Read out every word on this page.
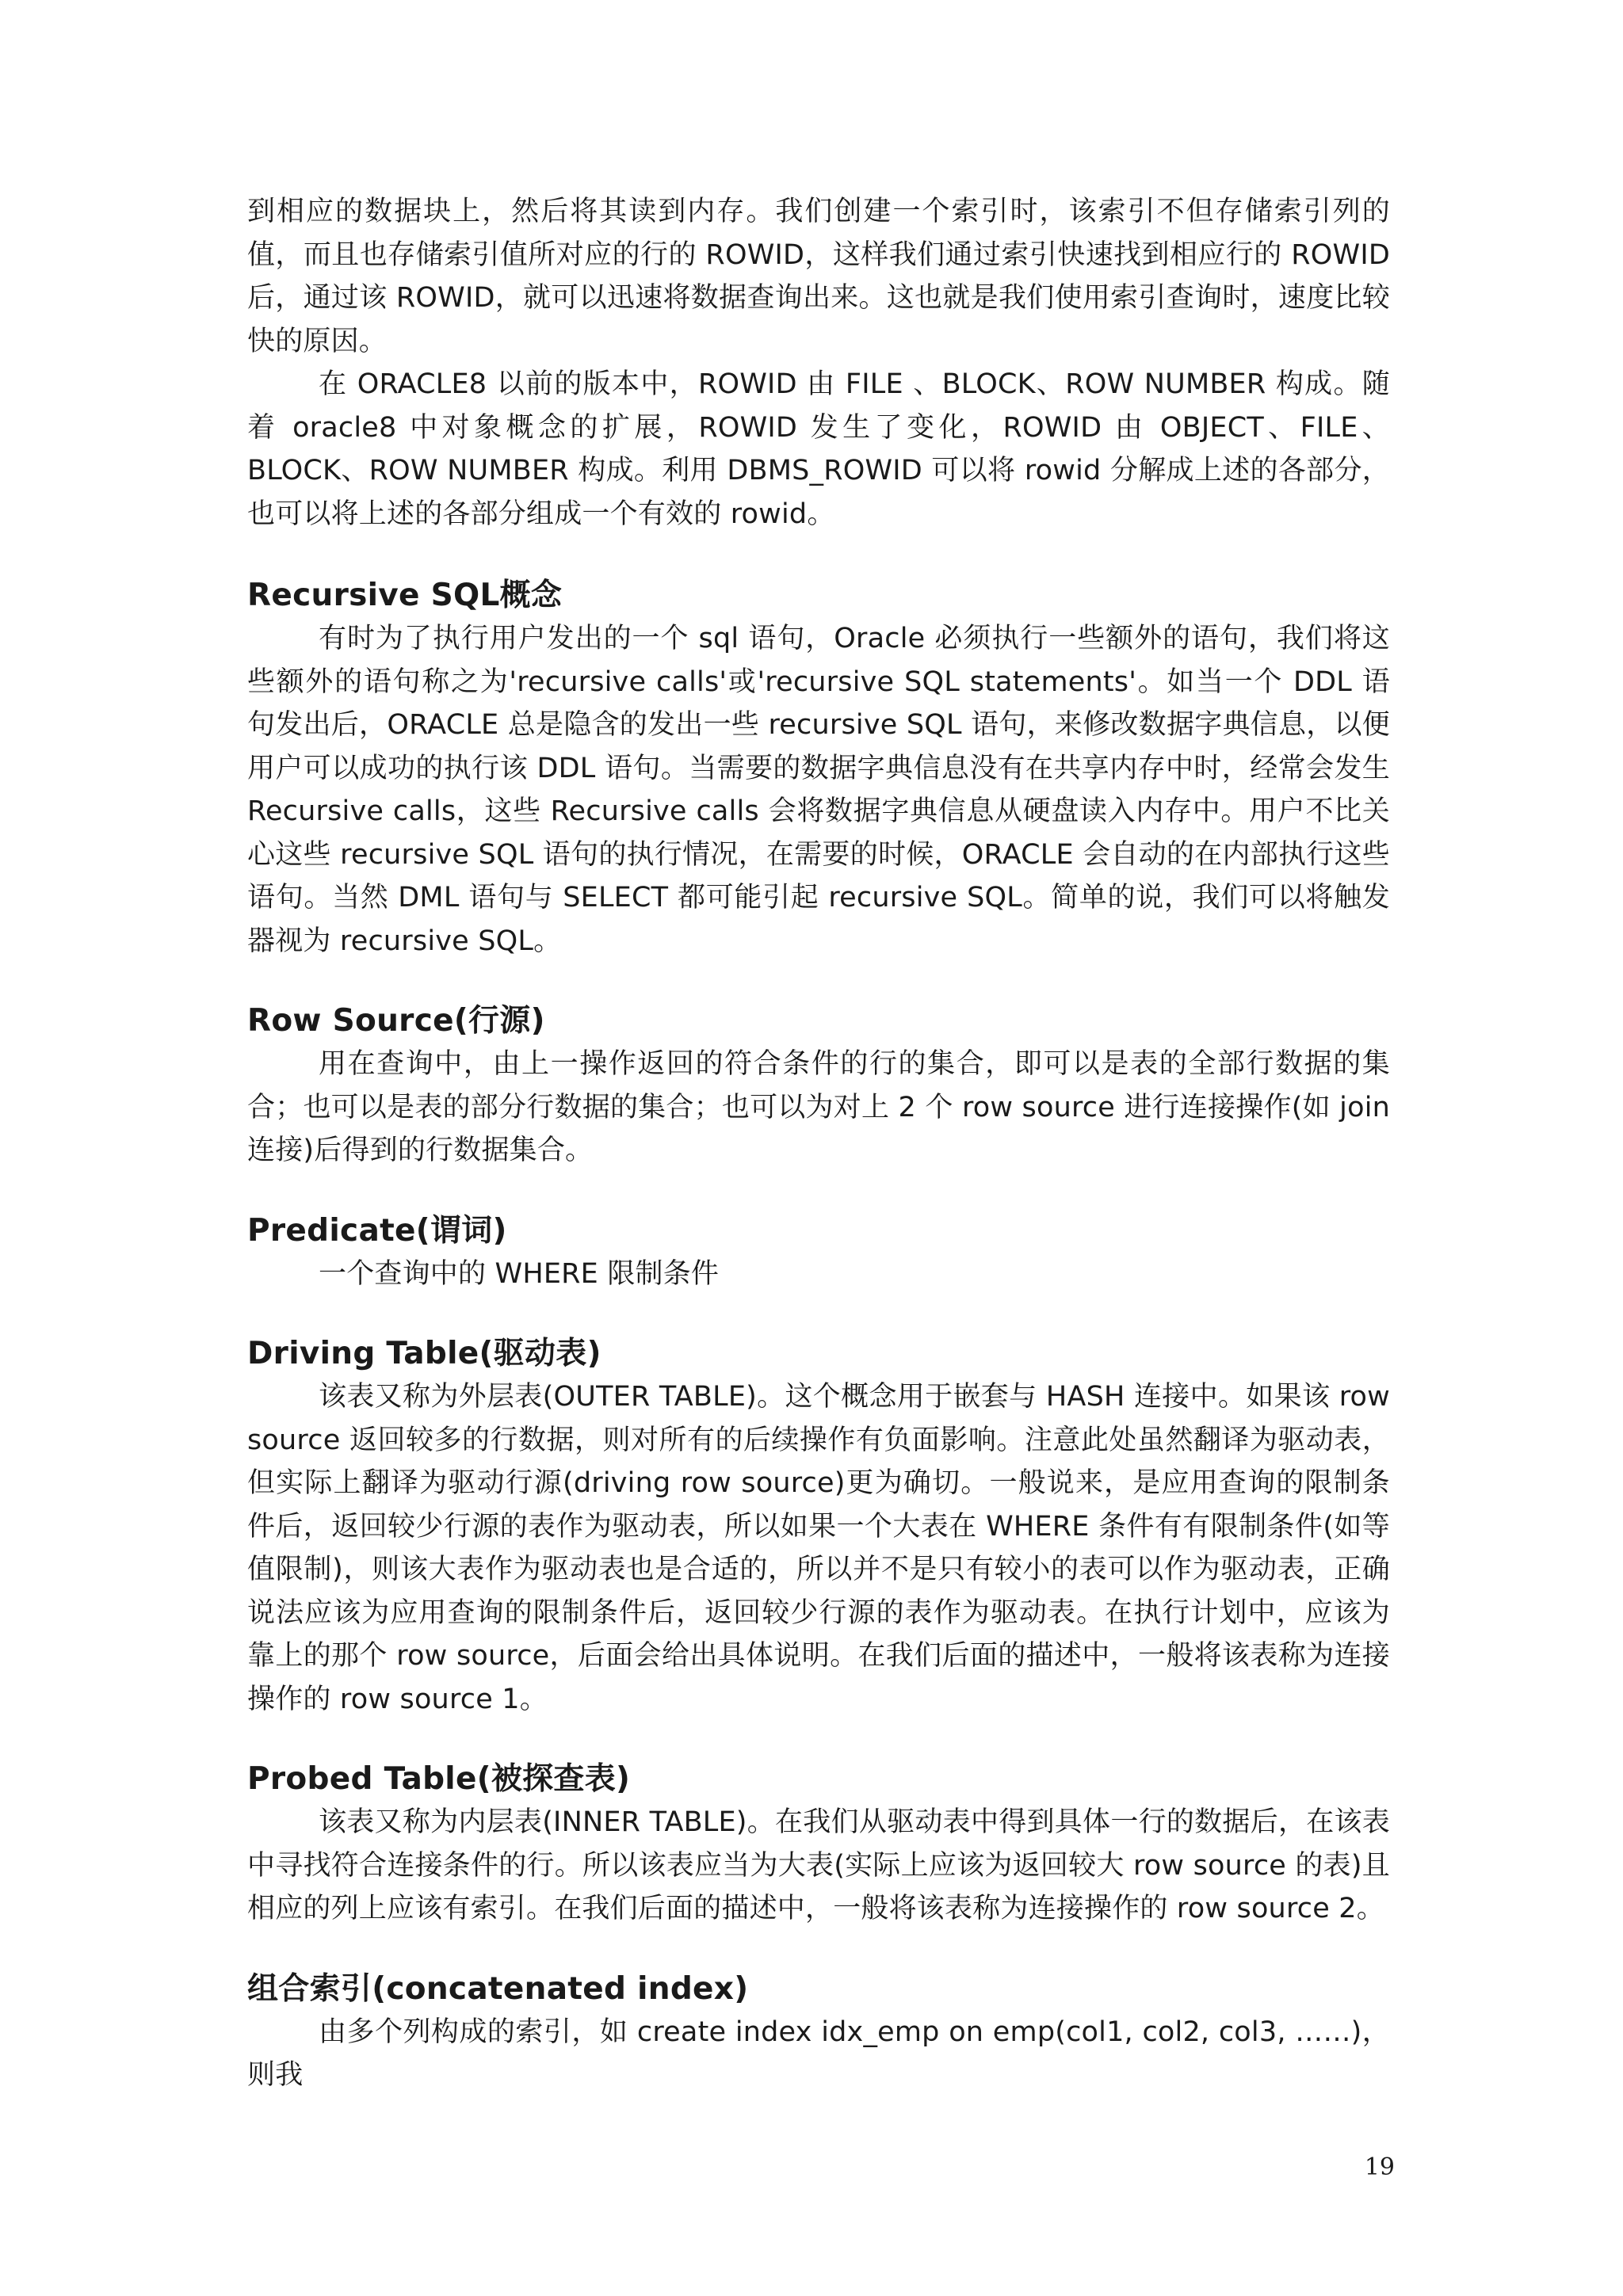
到相应的数据块上，然后将其读到内存。我们创建一个索引时，该索引不但存储索引列的值，而且也存储索引值所对应的行的 ROWID，这样我们通过索引快速找到相应行的 ROWID 后，通过该 ROWID，就可以迅速将数据查询出来。这也就是我们使用索引查询时，速度比较快的原因。

在 ORACLE8 以前的版本中，ROWID 由 FILE 、BLOCK、ROW NUMBER 构成。随着 oracle8 中对象概念的扩展，ROWID 发生了变化，ROWID 由 OBJECT、FILE、BLOCK、ROW NUMBER 构成。利用 DBMS_ROWID 可以将 rowid 分解成上述的各部分，也可以将上述的各部分组成一个有效的 rowid。

Recursive SQL概念

有时为了执行用户发出的一个 sql 语句，Oracle 必须执行一些额外的语句，我们将这些额外的语句称之为'recursive calls'或'recursive SQL statements'。如当一个 DDL 语句发出后，ORACLE 总是隐含的发出一些 recursive SQL 语句，来修改数据字典信息，以便用户可以成功的执行该 DDL 语句。当需要的数据字典信息没有在共享内存中时，经常会发生 Recursive calls，这些 Recursive calls 会将数据字典信息从硬盘读入内存中。用户不比关心这些 recursive SQL 语句的执行情况，在需要的时候，ORACLE 会自动的在内部执行这些语句。当然 DML 语句与 SELECT 都可能引起 recursive SQL。简单的说，我们可以将触发器视为 recursive SQL。

Row Source(行源)

用在查询中，由上一操作返回的符合条件的行的集合，即可以是表的全部行数据的集合；也可以是表的部分行数据的集合；也可以为对上 2 个 row source 进行连接操作(如 join 连接)后得到的行数据集合。

Predicate(谓词)

一个查询中的 WHERE 限制条件

Driving Table(驱动表)

该表又称为外层表(OUTER TABLE)。这个概念用于嵌套与 HASH 连接中。如果该 row source 返回较多的行数据，则对所有的后续操作有负面影响。注意此处虽然翻译为驱动表，但实际上翻译为驱动行源(driving row source)更为确切。一般说来，是应用查询的限制条件后，返回较少行源的表作为驱动表，所以如果一个大表在 WHERE 条件有有限制条件(如等值限制)，则该大表作为驱动表也是合适的，所以并不是只有较小的表可以作为驱动表，正确说法应该为应用查询的限制条件后，返回较少行源的表作为驱动表。在执行计划中，应该为靠上的那个 row source，后面会给出具体说明。在我们后面的描述中，一般将该表称为连接操作的 row source 1。

Probed Table(被探查表)

该表又称为内层表(INNER TABLE)。在我们从驱动表中得到具体一行的数据后，在该表中寻找符合连接条件的行。所以该表应当为大表(实际上应该为返回较大 row source 的表)且相应的列上应该有索引。在我们后面的描述中，一般将该表称为连接操作的 row source 2。

组合索引(concatenated index)

由多个列构成的索引，如 create index idx_emp on emp(col1, col2, col3, ……)，则我

19
